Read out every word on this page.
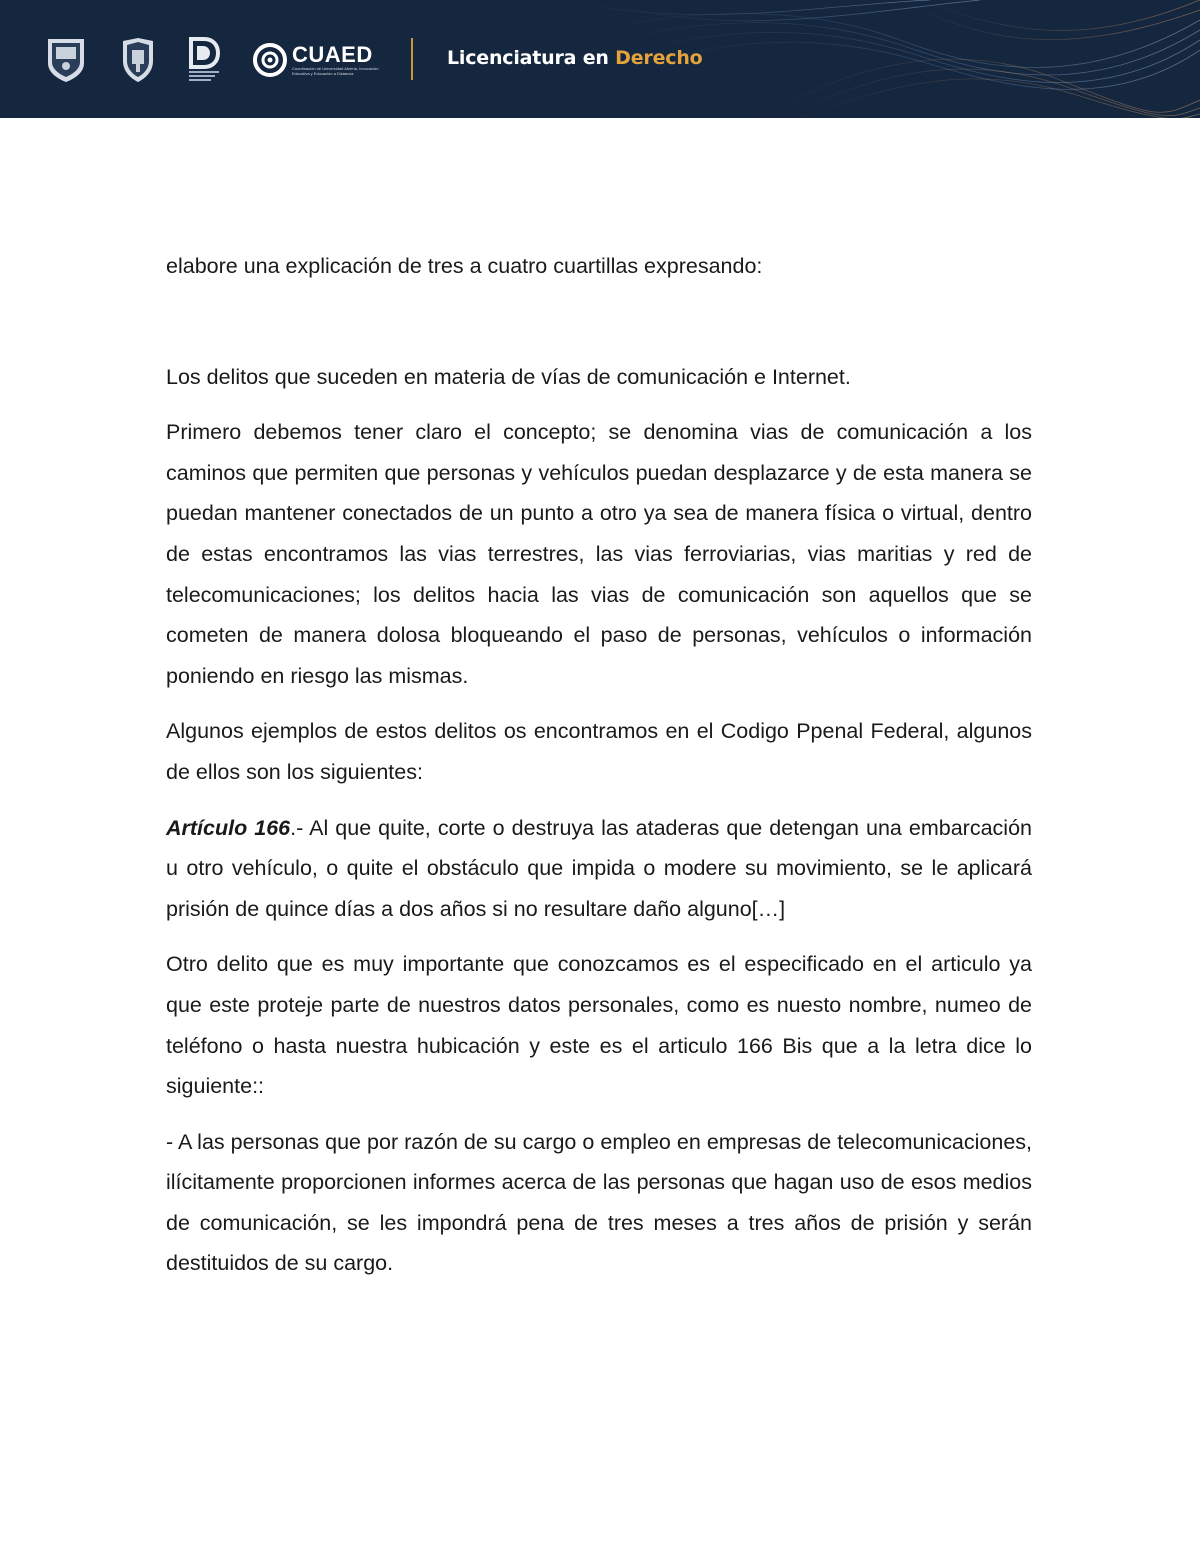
CUAED
Coordinación de Universidad Abierta, Innovación Educativa y Educación a Distancia
Licenciatura en Derecho

elabore una explicación de tres a cuatro cuartillas expresando:

Los delitos que suceden en materia de vías de comunicación e Internet.

Primero debemos tener claro el concepto; se denomina vias de comunicación a los caminos que permiten que personas y vehículos puedan desplazarce y de esta manera se puedan mantener conectados de un punto a otro ya sea de manera física o virtual, dentro de estas encontramos las vias terrestres, las vias ferroviarias, vias maritias y red de telecomunicaciones; los delitos hacia las vias de comunicación son aquellos que se cometen de manera dolosa bloqueando el paso de personas, vehículos o información poniendo en riesgo las mismas.

Algunos ejemplos de estos delitos os encontramos en el Codigo Ppenal Federal, algunos de ellos son los siguientes:

Artículo 166.- Al que quite, corte o destruya las ataderas que detengan una embarcación u otro vehículo, o quite el obstáculo que impida o modere su movimiento, se le aplicará prisión de quince días a dos años si no resultare daño alguno[…]

Otro delito que es muy importante que conozcamos es el especificado en el articulo ya que este proteje parte de nuestros datos personales, como es nuesto nombre, numeo de teléfono o hasta nuestra hubicación y este es el articulo 166 Bis que a la letra dice lo siguiente::

- A las personas que por razón de su cargo o empleo en empresas de telecomunicaciones, ilícitamente proporcionen informes acerca de las personas que hagan uso de esos medios de comunicación, se les impondrá pena de tres meses a tres años de prisión y serán destituidos de su cargo.
